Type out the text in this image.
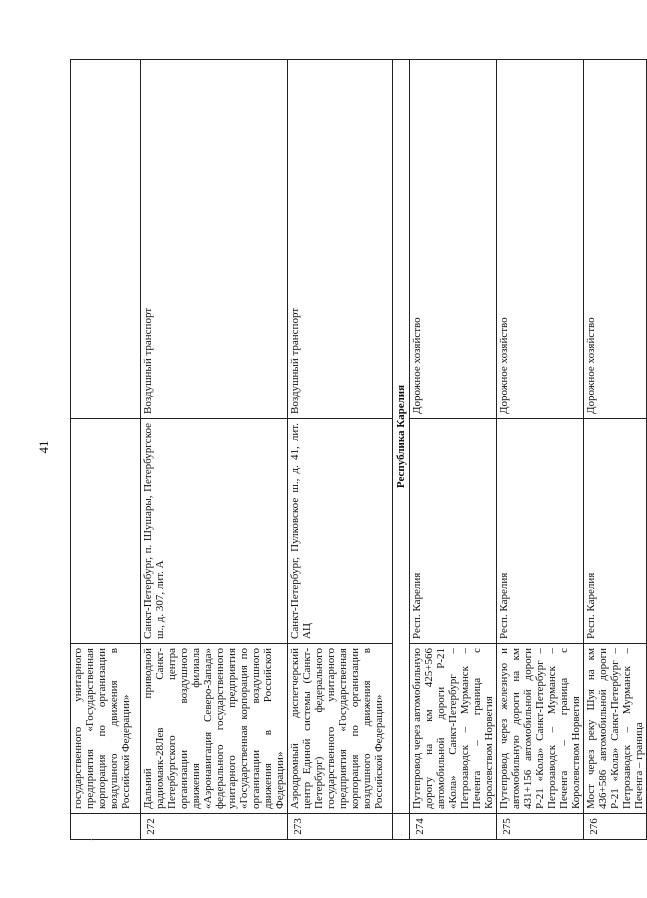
41
	государственного унитарного предприятия «Государственная корпорация по организации воздушного движения в Российской Федерации»		
272	Дальний приводной радиомаяк-28Лев Санкт-Петербургского центра организации воздушного движения филиала «Аэронавигация Северо-Запада» федерального государственного унитарного предприятия «Государственная корпорация по организации воздушного движения в Российской Федерации»	Санкт-Петербург, п. Шушары, Петербургское ш., д. 307, лит. А	Воздушный транспорт
273	Аэродромный диспетчерский центр Единой системы (Санкт-Петербург) федерального государственного унитарного предприятия «Государственная корпорация по организации воздушного движения в Российской Федерации»	Санкт-Петербург, Пулковское ш., д. 41, лит. АЦ	Воздушный транспорт
	Республика Карелия		
274	Путепровод через автомобильную дорогу на км 425+566 автомобильной дороги Р-21 «Кола» Санкт-Петербург – Петрозаводск – Мурманск – Печенга – граница с Королевством Норвегия	Респ. Карелия	Дорожное хозяйство
275	Путепровод через железную и автомобильную дороги на км 431+156 автомобильной дороги Р-21 «Кола» Санкт-Петербург – Петрозаводск – Мурманск – Печенга – граница с Королевством Норвегия	Респ. Карелия	Дорожное хозяйство
276	Мост через реку Шуя на км 436+586 автомобильной дороги Р-21 «Кола» Санкт-Петербург – Петрозаводск – Мурманск – Печенга – граница	Респ. Карелия	Дорожное хозяйство
·	·
